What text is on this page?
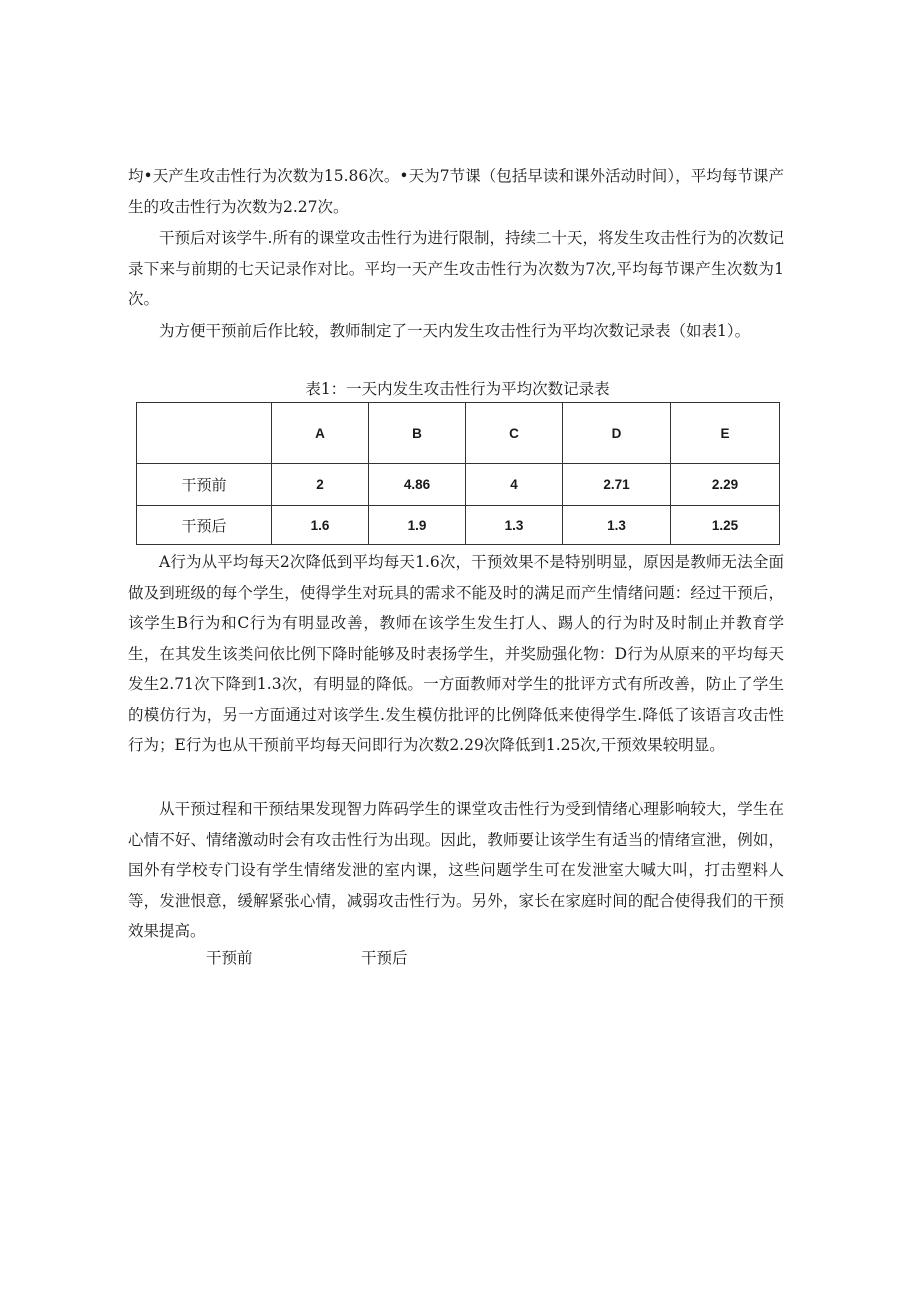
均•天产生攻击性行为次数为15.86次。•天为7节课（包括早读和课外活动时间），平均每节课产生的攻击性行为次数为2.27次。

干预后对该学牛.所有的课堂攻击性行为进行限制，持续二十天，将发生攻击性行为的次数记录下来与前期的七天记录作对比。平均一天产生攻击性行为次数为7次,平均每节课产生次数为1次。

为方便干预前后作比较，教师制定了一天内发生攻击性行为平均次数记录表（如表1）。

表1：一天内发生攻击性行为平均次数记录表

	A	B	C	D	E
干预前	2	4.86	4	2.71	2.29
干预后	1.6	1.9	1.3	1.3	1.25

A行为从平均每天2次降低到平均每天1.6次，干预效果不是特别明显，原因是教师无法全面做及到班级的每个学生，使得学生对玩具的需求不能及时的满足而产生情绪问题：经过干预后，该学生B行为和C行为有明显改善，教师在该学生发生打人、踢人的行为时及时制止并教育学生，在其发生该类问依比例下降时能够及时表扬学生，并奖励强化物：D行为从原来的平均每天发生2.71次下降到1.3次，有明显的降低。一方面教师对学生的批评方式有所改善，防止了学生的模仿行为，另一方面通过对该学生.发生模仿批评的比例降低来使得学生.降低了该语言攻击性行为；E行为也从干预前平均每天问即行为次数2.29次降低到1.25次,干预效果较明显。

从干预过程和干预结果发现智力阵码学生的课堂攻击性行为受到情绪心理影响较大，学生在心情不好、情绪激动时会有攻击性行为出现。因此，教师要让该学生有适当的情绪宣泄，例如，国外有学校专门设有学生情绪发泄的室内课，这些问题学生可在发泄室大喊大叫，打击塑料人等，发泄恨意，缓解紧张心情，减弱攻击性行为。另外，家长在家庭时间的配合使得我们的干预效果提高。

干预前	干预后
